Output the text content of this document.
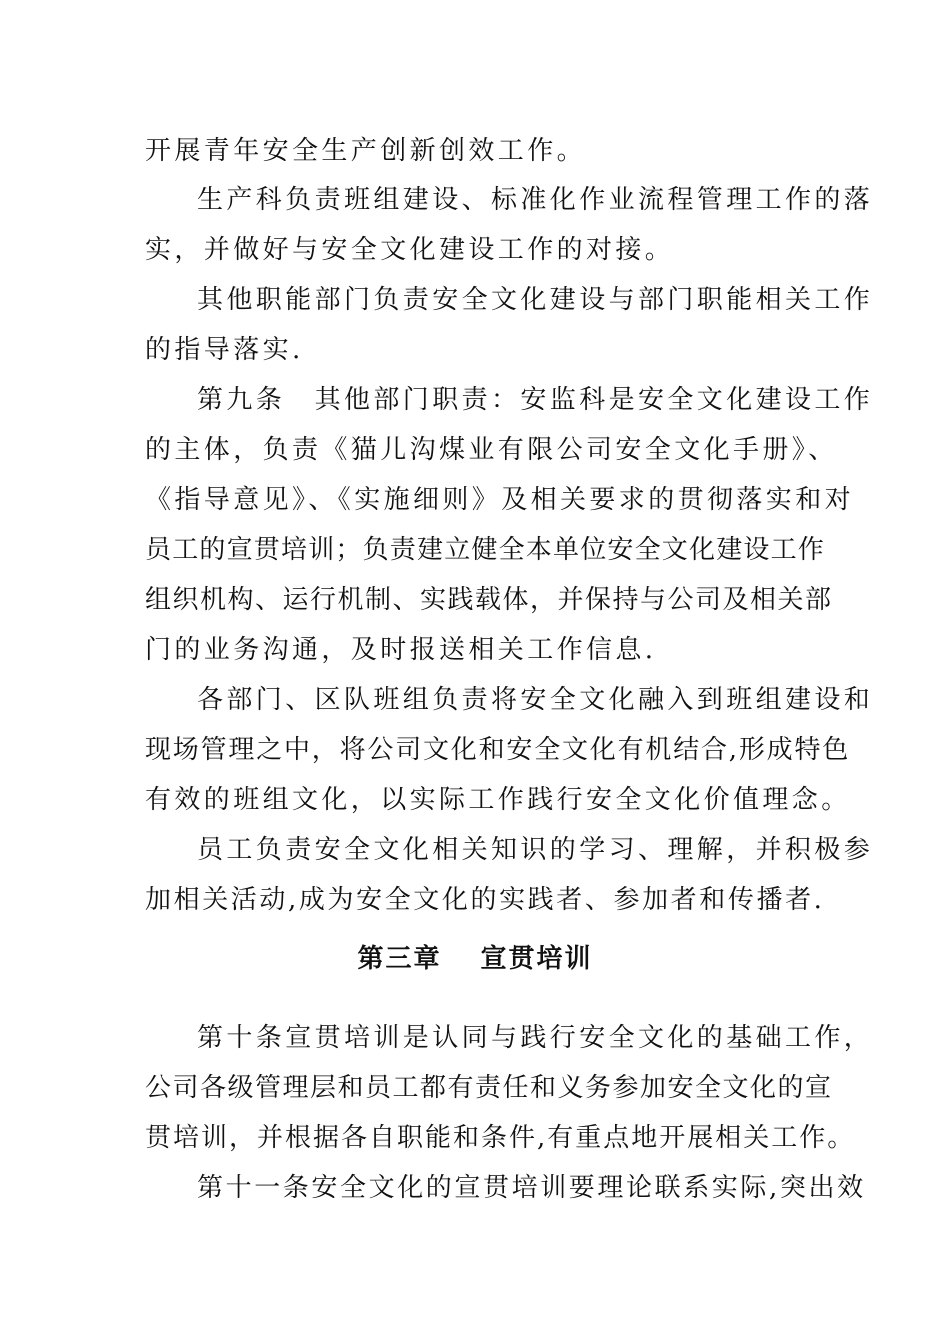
开展青年安全生产创新创效工作。
生产科负责班组建设、标准化作业流程管理工作的落
实，并做好与安全文化建设工作的对接。
其他职能部门负责安全文化建设与部门职能相关工作
的指导落实.
第九条　其他部门职责：安监科是安全文化建设工作
的主体，负责《猫儿沟煤业有限公司安全文化手册》、
《指导意见》、《实施细则》及相关要求的贯彻落实和对
员工的宣贯培训；负责建立健全本单位安全文化建设工作
组织机构、运行机制、实践载体，并保持与公司及相关部
门的业务沟通，及时报送相关工作信息.
各部门、区队班组负责将安全文化融入到班组建设和
现场管理之中，将公司文化和安全文化有机结合,形成特色
有效的班组文化，以实际工作践行安全文化价值理念。
员工负责安全文化相关知识的学习、理解，并积极参
加相关活动,成为安全文化的实践者、参加者和传播者.
第三章　 宣贯培训
第十条宣贯培训是认同与践行安全文化的基础工作，
公司各级管理层和员工都有责任和义务参加安全文化的宣
贯培训，并根据各自职能和条件,有重点地开展相关工作。
第十一条安全文化的宣贯培训要理论联系实际,突出效
